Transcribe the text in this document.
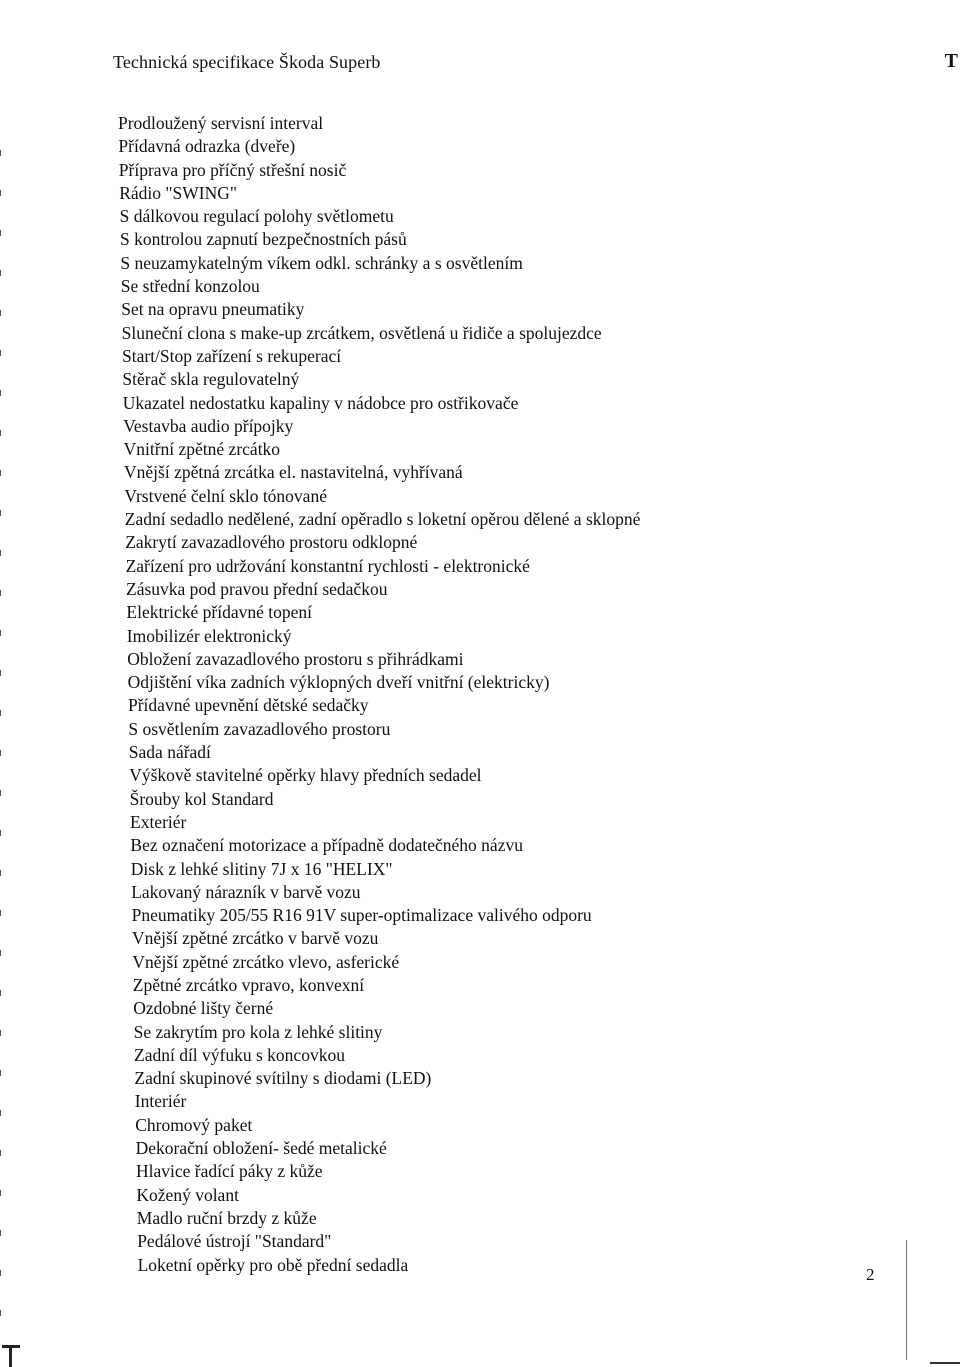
Technická specifikace Škoda Superb	T
Prodloužený servisní interval
Přídavná odrazka (dveře)
Příprava pro příčný střešní nosič
Rádio "SWING"
S dálkovou regulací polohy světlometu
S kontrolou zapnutí bezpečnostních pásů
S neuzamykatelným víkem odkl. schránky a s osvětlením
Se střední konzolou
Set na opravu pneumatiky
Sluneční clona s make-up zrcátkem, osvětlená u řidiče a spolujezdce
Start/Stop zařízení s rekuperací
Stěrač skla regulovatelný
Ukazatel nedostatku kapaliny v nádobce pro ostřikovače
Vestavba audio přípojky
Vnitřní zpětné zrcátko
Vnější zpětná zrcátka el. nastavitelná, vyhřívaná
Vrstvené čelní sklo tónované
Zadní sedadlo nedělené, zadní opěradlo s loketní opěrou dělené a sklopné
Zakrytí zavazadlového prostoru odklopné
Zařízení pro udržování konstantní rychlosti - elektronické
Zásuvka pod pravou přední sedačkou
Elektrické přídavné topení
Imobilizér elektronický
Obložení zavazadlového prostoru s přihrádkami
Odjištění víka zadních výklopných dveří vnitřní (elektricky)
Přídavné upevnění dětské sedačky
S osvětlením zavazadlového prostoru
Sada nářadí
Výškově stavitelné opěrky hlavy předních sedadel
Šrouby kol Standard
Exteriér
Bez označení motorizace a případně dodatečného názvu
Disk z lehké slitiny 7J x 16 "HELIX"
Lakovaný nárazník v barvě vozu
Pneumatiky 205/55 R16 91V super-optimalizace valivého odporu
Vnější zpětné zrcátko v barvě vozu
Vnější zpětné zrcátko vlevo, asferické
Zpětné zrcátko vpravo, konvexní
Ozdobné lišty černé
Se zakrytím pro kola z lehké slitiny
Zadní díl výfuku s koncovkou
Zadní skupinové svítilny s diodami (LED)
Interiér
Chromový paket
Dekorační obložení- šedé metalické
Hlavice řadící páky z kůže
Kožený volant
Madlo ruční brzdy z kůže
Pedálové ústrojí "Standard"
Loketní opěrky pro obě přední sedadla	2
